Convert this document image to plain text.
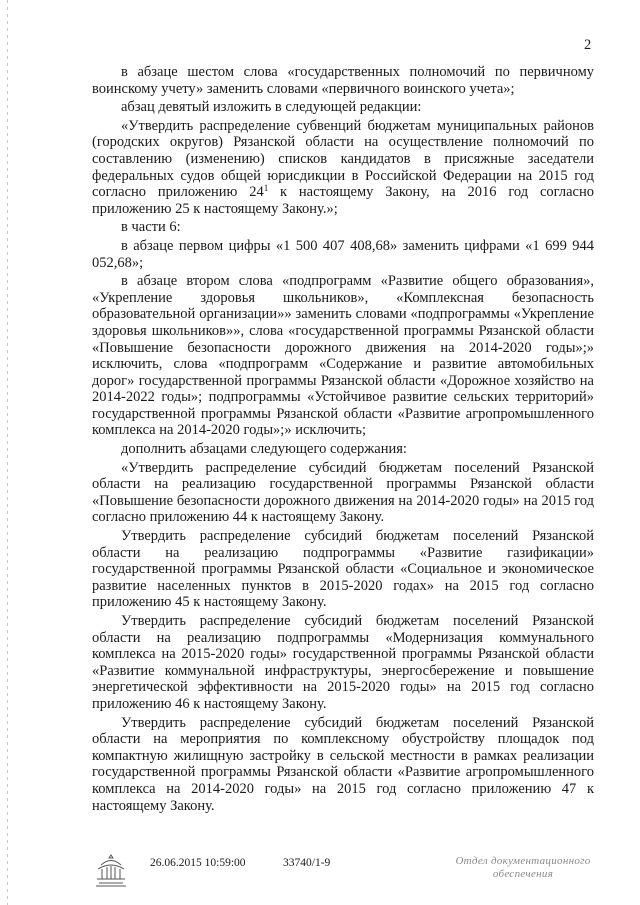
2

в абзаце шестом слова «государственных полномочий по первичному воинскому учету» заменить словами «первичного воинского учета»;

абзац девятый изложить в следующей редакции:

«Утвердить распределение субвенций бюджетам муниципальных районов (городских округов) Рязанской области на осуществление полномочий по составлению (изменению) списков кандидатов в присяжные заседатели федеральных судов общей юрисдикции в Российской Федерации на 2015 год согласно приложению $24^1$ к настоящему Закону, на 2016 год согласно приложению 25 к настоящему Закону.»;

в части 6:

в абзаце первом цифры «1 500 407 408,68» заменить цифрами «1 699 944 052,68»;

в абзаце втором слова «подпрограмм «Развитие общего образования», «Укрепление здоровья школьников», «Комплексная безопасность образовательной организации»» заменить словами «подпрограммы «Укрепление здоровья школьников»», слова «государственной программы Рязанской области «Повышение безопасности дорожного движения на 2014-2020 годы»;» исключить, слова «подпрограмм «Содержание и развитие автомобильных дорог» государственной программы Рязанской области «Дорожное хозяйство на 2014-2022 годы»; подпрограммы «Устойчивое развитие сельских территорий» государственной программы Рязанской области «Развитие агропромышленного комплекса на 2014-2020 годы»;» исключить;

дополнить абзацами следующего содержания:

«Утвердить распределение субсидий бюджетам поселений Рязанской области на реализацию государственной программы Рязанской области «Повышение безопасности дорожного движения на 2014-2020 годы» на 2015 год согласно приложению 44 к настоящему Закону.

Утвердить распределение субсидий бюджетам поселений Рязанской области на реализацию подпрограммы «Развитие газификации» государственной программы Рязанской области «Социальное и экономическое развитие населенных пунктов в 2015-2020 годах» на 2015 год согласно приложению 45 к настоящему Закону.

Утвердить распределение субсидий бюджетам поселений Рязанской области на реализацию подпрограммы «Модернизация коммунального комплекса на 2015-2020 годы» государственной программы Рязанской области «Развитие коммунальной инфраструктуры, энергосбережение и повышение энергетической эффективности на 2015-2020 годы» на 2015 год согласно приложению 46 к настоящему Закону.

Утвердить распределение субсидий бюджетам поселений Рязанской области на мероприятия по комплексному обустройству площадок под компактную жилищную застройку в сельской местности в рамках реализации государственной программы Рязанской области «Развитие агропромышленного комплекса на 2014-2020 годы» на 2015 год согласно приложению 47 к настоящему Закону.

26.06.2015 10:59:00	33740/1-9	Отдел документационного
обеспечения
